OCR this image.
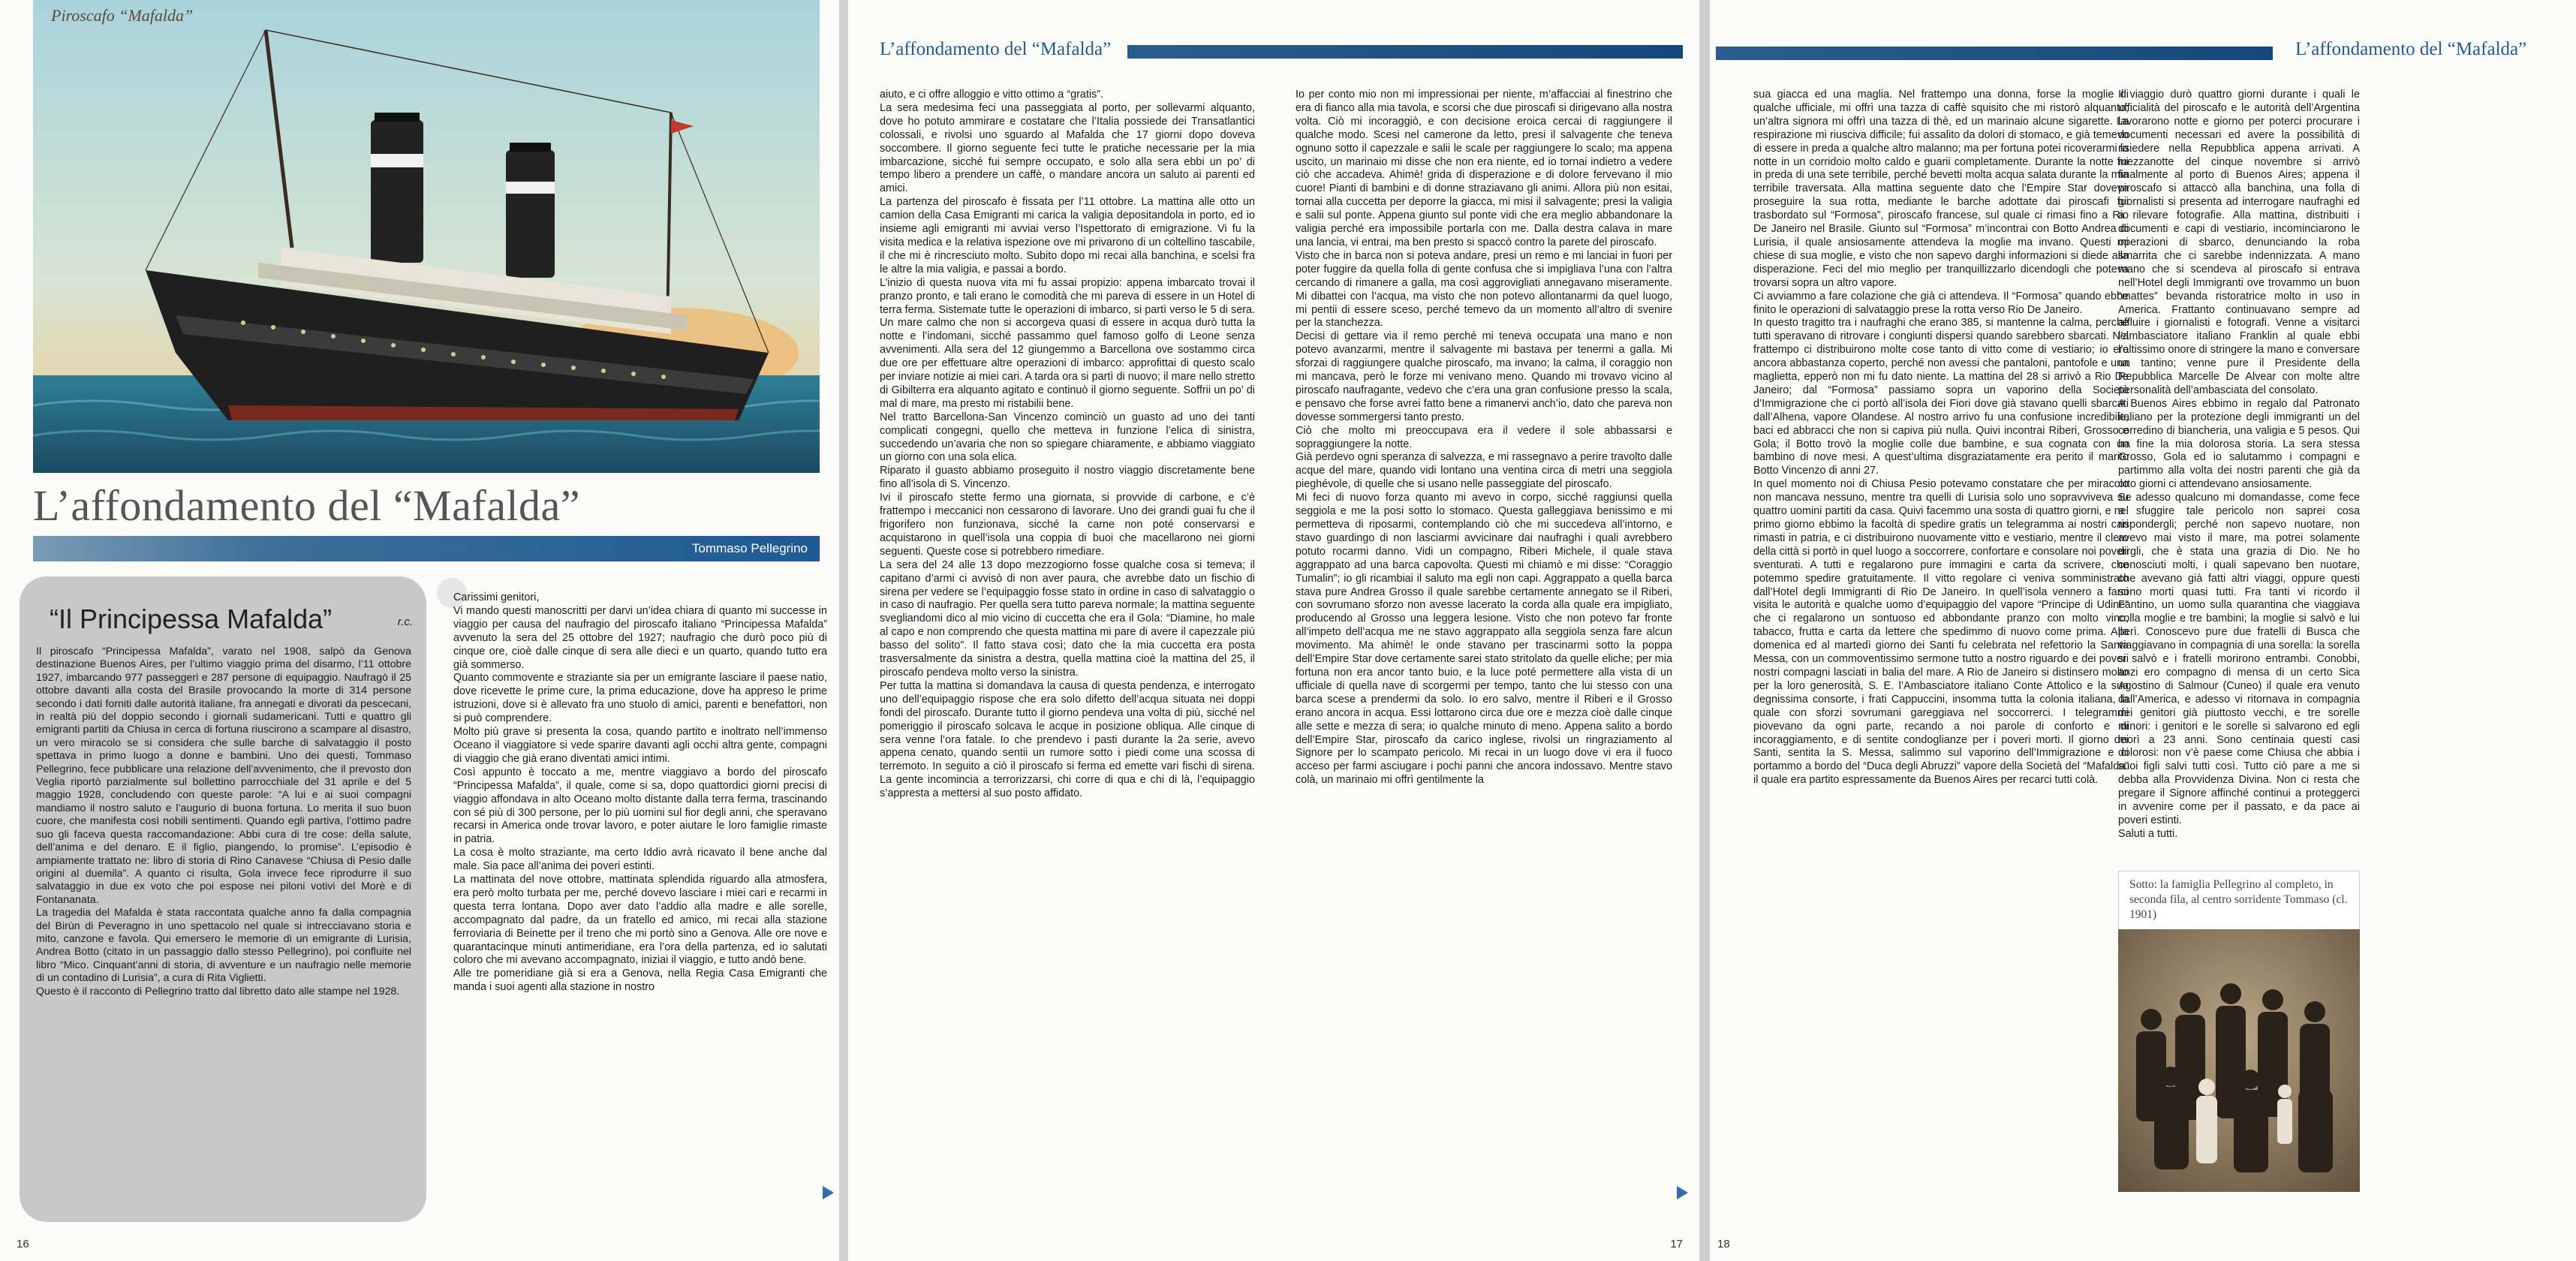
Piroscafo “Mafalda”
L’affondamento del “Mafalda”
Tommaso Pellegrino
“Il Principessa Mafalda”	r.c.

Il piroscafo “Principessa Mafalda”, varato nel 1908, salpò da Genova destinazione Buenos Aires, per l’ultimo viaggio prima del disarmo, l’11 ottobre 1927, imbarcando 977 passeggeri e 287 persone di equipaggio. Naufragò il 25 ottobre davanti alla costa del Brasile provocando la morte di 314 persone secondo i dati forniti dalle autorità italiane, fra annegati e divorati da pescecani, in realtà più del doppio secondo i giornali sudamericani. Tutti e quattro gli emigranti partiti da Chiusa in cerca di fortuna riuscirono a scampare al disastro, un vero miracolo se si considera che sulle barche di salvataggio il posto spettava in primo luogo a donne e bambini. Uno dei questi, Tommaso Pellegrino, fece pubblicare una relazione dell’avvenimento, che il prevosto don Veglia riportò parzialmente sul bollettino parrocchiale del 31 aprile e del 5 maggio 1928, concludendo con queste parole: “A lui e ai suoi compagni mandiamo il nostro saluto e l’augurio di buona fortuna. Lo merita il suo buon cuore, che manifesta così nobili sentimenti. Quando egli partiva, l’ottimo padre suo gli faceva questa raccomandazione: Abbi cura di tre cose: della salute, dell’anima e del denaro. E il figlio, piangendo, lo promise”. L’episodio è ampiamente trattato ne: libro di storia di Rino Canavese “Chiusa di Pesio dalle origini al duemila”. A quanto ci risulta, Gola invece fece riprodurre il suo salvataggio in due ex voto che poi espose nei piloni votivi del Morè e di Fontananata.

La tragedia del Mafalda è stata raccontata qualche anno fa dalla compagnia del Birùn di Peveragno in uno spettacolo nel quale si intrecciavano storia e mito, canzone e favola. Qui emersero le memorie di un emigrante di Lurisia, Andrea Botto (citato in un passaggio dallo stesso Pellegrino), poi confluite nel libro “Mico. Cinquant’anni di storia, di avventure e un naufragio nelle memorie di un contadino di Lurisia”, a cura di Rita Viglietti.

Questo è il racconto di Pellegrino tratto dal libretto dato alle stampe nel 1928.

Carissimi genitori,

Vi mando questi manoscritti per darvi un’idea chiara di quanto mi successe in viaggio per causa del naufragio del piroscafo italiano “Principessa Mafalda” avvenuto la sera del 25 ottobre del 1927; naufragio che durò poco più di cinque ore, cioè dalle cinque di sera alle dieci e un quarto, quando tutto era già sommerso.

Quanto commovente e straziante sia per un emigrante lasciare il paese natio, dove ricevette le prime cure, la prima educazione, dove ha appreso le prime istruzioni, dove si è allevato fra uno stuolo di amici, parenti e benefattori, non si può comprendere.

Molto più grave si presenta la cosa, quando partito e inoltrato nell’immenso Oceano il viaggiatore si vede sparire davanti agli occhi altra gente, compagni di viaggio che già erano diventati amici intimi.

Così appunto è toccato a me, mentre viaggiavo a bordo del piroscafo “Principessa Mafalda”, il quale, come si sa, dopo quattordici giorni precisi di viaggio affondava in alto Oceano molto distante dalla terra ferma, trascinando con sé più di 300 persone, per lo più uomini sul fior degli anni, che speravano recarsi in America onde trovar lavoro, e poter aiutare le loro famiglie rimaste in patria.

La cosa è molto straziante, ma certo Iddio avrà ricavato il bene anche dal male. Sia pace all’anima dei poveri estinti.

La mattinata del nove ottobre, mattinata splendida riguardo alla atmosfera, era però molto turbata per me, perché dovevo lasciare i miei cari e recarmi in questa terra lontana. Dopo aver dato l’addio alla madre e alle sorelle, accompagnato dal padre, da un fratello ed amico, mi recai alla stazione ferroviaria di Beinette per il treno che mi portò sino a Genova. Alle ore nove e quarantacinque minuti antimeridiane, era l’ora della partenza, ed io salutati coloro che mi avevano accompagnato, iniziai il viaggio, e tutto andò bene.

Alle tre pomeridiane già si era a Genova, nella Regia Casa Emigranti che manda i suoi agenti alla stazione in nostro

16
L’affondamento del “Mafalda”

aiuto, e ci offre alloggio e vitto ottimo a “gratis”.

La sera medesima feci una passeggiata al porto, per sollevarmi alquanto, dove ho potuto ammirare e costatare che l’Italia possiede dei Transatlantici colossali, e rivolsi uno sguardo al Mafalda che 17 giorni dopo doveva soccombere. Il giorno seguente feci tutte le pratiche necessarie per la mia imbarcazione, sicché fui sempre occupato, e solo alla sera ebbi un po’ di tempo libero a prendere un caffè, o mandare ancora un saluto ai parenti ed amici.

La partenza del piroscafo è fissata per l’11 ottobre. La mattina alle otto un camion della Casa Emigranti mi carica la valigia depositandola in porto, ed io insieme agli emigranti mi avviai verso l’Ispettorato di emigrazione. Vi fu la visita medica e la relativa ispezione ove mi privarono di un coltellino tascabile, il che mi è rincresciuto molto. Subito dopo mi recai alla banchina, e scelsi fra le altre la mia valigia, e passai a bordo.

L’inizio di questa nuova vita mi fu assai propizio: appena imbarcato trovai il pranzo pronto, e tali erano le comodità che mi pareva di essere in un Hotel di terra ferma. Sistemate tutte le operazioni di imbarco, si partì verso le 5 di sera. Un mare calmo che non si accorgeva quasi di essere in acqua durò tutta la notte e l’indomani, sicché passammo quel famoso golfo di Leone senza avvenimenti. Alla sera del 12 giungemmo a Barcellona ove sostammo circa due ore per effettuare altre operazioni di imbarco: approfittai di questo scalo per inviare notizie ai miei cari. A tarda ora si partì di nuovo; il mare nello stretto di Gibilterra era alquanto agitato e continuò il giorno seguente. Soffrii un po’ di mal di mare, ma presto mi ristabilii bene.

Nel tratto Barcellona-San Vincenzo cominciò un guasto ad uno dei tanti complicati congegni, quello che metteva in funzione l’elica di sinistra, succedendo un’avaria che non so spiegare chiaramente, e abbiamo viaggiato un giorno con una sola elica.

Riparato il guasto abbiamo proseguito il nostro viaggio discretamente bene fino all’isola di S. Vincenzo.

Ivi il piroscafo stette fermo una giornata, si provvide di carbone, e c’è frattempo i meccanici non cessarono di lavorare. Uno dei grandi guai fu che il frigorifero non funzionava, sicché la carne non poté conservarsi e acquistarono in quell’isola una coppia di buoi che macellarono nei giorni seguenti. Queste cose si potrebbero rimediare.

La sera del 24 alle 13 dopo mezzogiorno fosse qualche cosa si temeva; il capitano d’armi ci avvisò di non aver paura, che avrebbe dato un fischio di sirena per vedere se l’equipaggio fosse stato in ordine in caso di salvataggio o in caso di naufragio. Per quella sera tutto pareva normale; la mattina seguente svegliandomi dico al mio vicino di cuccetta che era il Gola: “Diamine, ho male al capo e non comprendo che questa mattina mi pare di avere il capezzale più basso del solito”. Il fatto stava così; dato che la mia cuccetta era posta trasversalmente da sinistra a destra, quella mattina cioè la mattina del 25, il piroscafo pendeva molto verso la sinistra.

Per tutta la mattina si domandava la causa di questa pendenza, e interrogato uno dell’equipaggio rispose che era solo difetto dell’acqua situata nei doppi fondi del piroscafo. Durante tutto il giorno pendeva una volta di più, sicché nel pomeriggio il piroscafo solcava le acque in posizione obliqua. Alle cinque di sera venne l’ora fatale. Io che prendevo i pasti durante la 2a serie, avevo appena cenato, quando sentii un rumore sotto i piedi come una scossa di terremoto. In seguito a ciò il piroscafo si ferma ed emette vari fischi di sirena. La gente incomincia a terrorizzarsi, chi corre di qua e chi di là, l’equipaggio s’appresta a mettersi al suo posto affidato.

Io per conto mio non mi impressionai per niente, m’affacciai al finestrino che era di fianco alla mia tavola, e scorsi che due piroscafi si dirigevano alla nostra volta. Ciò mi incoraggiò, e con decisione eroica cercai di raggiungere il qualche modo. Scesi nel camerone da letto, presi il salvagente che teneva ognuno sotto il capezzale e salii le scale per raggiungere lo scalo; ma appena uscito, un marinaio mi disse che non era niente, ed io tornai indietro a vedere ciò che accadeva. Ahimè! grida di disperazione e di dolore fervevano il mio cuore! Pianti di bambini e di donne straziavano gli animi. Allora più non esitai, tornai alla cuccetta per deporre la giacca, mi misi il salvagente; presi la valigia e salii sul ponte. Appena giunto sul ponte vidi che era meglio abbandonare la valigia perché era impossibile portarla con me. Dalla destra calava in mare una lancia, vi entrai, ma ben presto si spaccò contro la parete del piroscafo.

Visto che in barca non si poteva andare, presi un remo e mi lanciai in fuori per poter fuggire da quella folla di gente confusa che si impigliava l’una con l’altra cercando di rimanere a galla, ma così aggrovigliati annegavano miseramente. Mi dibattei con l’acqua, ma visto che non potevo allontanarmi da quel luogo, mi pentii di essere sceso, perché temevo da un momento all’altro di svenire per la stanchezza.

Decisi di gettare via il remo perché mi teneva occupata una mano e non potevo avanzarmi, mentre il salvagente mi bastava per tenermi a galla. Mi sforzai di raggiungere qualche piroscafo, ma invano; la calma, il coraggio non mi mancava, però le forze mi venivano meno. Quando mi trovavo vicino al piroscafo naufragante, vedevo che c’era una gran confusione presso la scala, e pensavo che forse avrei fatto bene a rimanervi anch’io, dato che pareva non dovesse sommergersi tanto presto.

Ciò che molto mi preoccupava era il vedere il sole abbassarsi e sopraggiungere la notte.

Già perdevo ogni speranza di salvezza, e mi rassegnavo a perire travolto dalle acque del mare, quando vidi lontano una ventina circa di metri una seggiola pieghévole, di quelle che si usano nelle passeggiate del piroscafo.

Mi feci di nuovo forza quanto mi avevo in corpo, sicché raggiunsi quella seggiola e me la posi sotto lo stomaco. Questa galleggiava benissimo e mi permetteva di riposarmi, contemplando ciò che mi succedeva all’intorno, e stavo guardingo di non lasciarmi avvicinare dai naufraghi i quali avrebbero potuto rocarmi danno. Vidi un compagno, Riberi Michele, il quale stava aggrappato ad una barca capovolta. Questi mi chiamò e mi disse: “Coraggio Tumalin”; io gli ricambiai il saluto ma egli non capi. Aggrappato a quella barca stava pure Andrea Grosso il quale sarebbe certamente annegato se il Riberi, con sovrumano sforzo non avesse lacerato la corda alla quale era impigliato, producendo al Grosso una leggera lesione. Visto che non potevo far fronte all’impeto dell’acqua me ne stavo aggrappato alla seggiola senza fare alcun movimento. Ma ahimè! le onde stavano per trascinarmi sotto la poppa dell’Empire Star dove certamente sarei stato stritolato da quelle eliche; per mia fortuna non era ancor tanto buio, e la luce poté permettere alla vista di un ufficiale di quella nave di scorgermi per tempo, tanto che lui stesso con una barca scese a prendermi da solo. Io ero salvo, mentre il Riberi e il Grosso erano ancora in acqua. Essi lottarono circa due ore e mezza cioè dalle cinque alle sette e mezza di sera; io qualche minuto di meno. Appena salito a bordo dell’Empire Star, piroscafo da carico inglese, rivolsi un ringraziamento al Signore per lo scampato pericolo. Mi recai in un luogo dove vi era il fuoco acceso per farmi asciugare i pochi panni che ancora indossavo. Mentre stavo colà, un marinaio mi offrì gentilmente la

17
L’affondamento del “Mafalda”

sua giacca ed una maglia. Nel frattempo una donna, forse la moglie di qualche ufficiale, mi offrì una tazza di caffè squisito che mi ristorò alquanto; un’altra signora mi offrì una tazza di thè, ed un marinaio alcune sigarette. La respirazione mi riusciva difficile; fui assalito da dolori di stomaco, e già temevo di essere in preda a qualche altro malanno; ma per fortuna potei ricoverarmi la notte in un corridoio molto caldo e guarii completamente. Durante la notte fui in preda di una sete terribile, perché bevetti molta acqua salata durante la mia terribile traversata. Alla mattina seguente dato che l’Empire Star doveva proseguire la sua rotta, mediante le barche adottate dai piroscafi fui trasbordato sul “Formosa”, piroscafo francese, sul quale ci rimasi fino a Rio De Janeiro nel Brasile. Giunto sul “Formosa” m’incontrai con Botto Andrea di Lurisia, il quale ansiosamente attendeva la moglie ma invano. Questi mi chiese di sua moglie, e visto che non sapevo darghi informazioni si diede alla disperazione. Feci del mio meglio per tranquillizzarlo dicendogli che poteva trovarsi sopra un altro vapore.

Ci avviammo a fare colazione che già ci attendeva. Il “Formosa” quando ebbe finito le operazioni di salvataggio prese la rotta verso Rio De Janeiro.

In questo tragitto tra i naufraghi che erano 385, si mantenne la calma, perché tutti speravano di ritrovare i congiunti dispersi quando sarebbero sbarcati. Nel frattempo ci distribuirono molte cose tanto di vitto come di vestiario; io ero ancora abbastanza coperto, perché non avessi che pantaloni, pantofole e una maglietta, epperò non mi fu dato niente. La mattina del 28 si arrivò a Rio De Janeiro; dal “Formosa” passiamo sopra un vaporino della Società d’Immigrazione che ci portò all’isola dei Fiori dove già stavano quelli sbarcati dall’Alhena, vapore Olandese. Al nostro arrivo fu una confusione incredibile, baci ed abbracci che non si capiva più nulla. Quivi incontrai Riberi, Grosso e Gola; il Botto trovò la moglie colle due bambine, e sua cognata con un bambino di nove mesi. A quest’ultima disgraziatamente era perito il marito Botto Vincenzo di anni 27.

In quel momento noi di Chiusa Pesio potevamo constatare che per miracolo non mancava nessuno, mentre tra quelli di Lurisia solo uno sopravviveva su quattro uomini partiti da casa. Quivi facemmo una sosta di quattro giorni, e nel primo giorno ebbimo la facoltà di spedire gratis un telegramma ai nostri cari rimasti in patria, e ci distribuirono nuovamente vitto e vestiario, mentre il clero della città si portò in quel luogo a soccorrere, confortare e consolare noi poveri sventurati. A tutti e regalarono pure immagini e carta da scrivere, che potemmo spedire gratuitamente. Il vitto regolare ci veniva somministrato dall’Hotel degli Immigranti di Rio De Janeiro. In quell’isola vennero a farci visita le autorità e qualche uomo d’equipaggio del vapore “Principe di Udine” che ci regalarono un sontuoso ed abbondante pranzo con molto vino, tabacco, frutta e carta da lettere che spedimmo di nuovo come prima. Alla domenica ed al martedì giorno dei Santi fu celebrata nel refettorio la Santa Messa, con un commoventissimo sermone tutto a nostro riguardo e dei poveri nostri compagni lasciati in balia del mare. A Rio de Janeiro si distinsero molto per la loro generosità, S. E. l’Ambasciatore italiano Conte Attolico e la sua degnissima consorte, i frati Cappuccini, insomma tutta la colonia italiana, la quale con sforzi sovrumani gareggiava nel soccorrerci. I telegrammi piovevano da ogni parte, recando a noi parole di conforto e di incoraggiamento, e di sentite condoglianze per i poveri morti. Il giorno dei Santi, sentita la S. Messa, salimmo sul vaporino dell’Immigrazione e ci portammo a bordo del “Duca degli Abruzzi” vapore della Società del “Mafalda” il quale era partito espressamente da Buenos Aires per recarci tutti colà.

Il viaggio durò quattro giorni durante i quali le ufficialità del piroscafo e le autorità dell’Argentina lavorarono notte e giorno per poterci procurare i documenti necessari ed avere la possibilità di risiedere nella Repubblica appena arrivati. A mezzanotte del cinque novembre si arrivò finalmente al porto di Buenos Aires; appena il piroscafo si attaccò alla banchina, una folla di giornalisti si presenta ad interrogare naufraghi ed a rilevare fotografie. Alla mattina, distribuiti i documenti e capi di vestiario, incominciarono le operazioni di sbarco, denunciando la roba smarrita che ci sarebbe indennizzata. A mano mano che si scendeva al piroscafo si entrava nell’Hotel degli Immigranti ove trovammo un buon “mattes” bevanda ristoratrice molto in uso in America. Frattanto continuavano sempre ad affluire i giornalisti e fotografi. Venne a visitarci l’ambasciatore italiano Franklin al quale ebbi l’altissimo onore di stringere la mano e conversare un tantino; venne pure il Presidente della Repubblica Marcelle De Alvear con molte altre personalità dell’ambasciata del consolato.

A Buenos Aires ebbimo in regalo dal Patronato italiano per la protezione degli immigranti un del corredino di biancheria, una valigia e 5 pesos. Qui ha fine la mia dolorosa storia. La sera stessa Grosso, Gola ed io salutammo i compagni e partimmo alla volta dei nostri parenti che già da otto giorni ci attendevano ansiosamente.

Se adesso qualcuno mi domandasse, come fece a sfuggire tale pericolo non saprei cosa rispondergli; perché non sapevo nuotare, non avevo mai visto il mare, ma potrei solamente dirgli, che è stata una grazia di Dio. Ne ho conosciuti molti, i quali sapevano ben nuotare, che avevano già fatti altri viaggi, oppure questi sono morti quasi tutti. Fra tanti vi ricordo il Fantino, un uomo sulla quarantina che viaggiava colla moglie e tre bambini; la moglie si salvò e lui perì. Conoscevo pure due fratelli di Busca che viaggiavano in compagnia di una sorella: la sorella si salvò e i fratelli morirono entrambi. Conobbi, anzi ero compagno di mensa di un certo Sica Agostino di Salmour (Cuneo) il quale era venuto dall’America, e adesso vi ritornava in compagnia dei genitori già piuttosto vecchi, e tre sorelle minori: i genitori e le sorelle si salvarono ed egli morì a 23 anni. Sono centinaia questi casi dolorosi: non v’è paese come Chiusa che abbia i suoi figli salvi tutti così. Tutto ciò pare a me si debba alla Provvidenza Divina. Non ci resta che pregare il Signore affinché continui a proteggerci in avvenire come per il passato, e da pace ai poveri estinti.

Saluti a tutti.

18
Sotto: la famiglia Pellegrino al completo, in seconda fila, al centro sorridente Tommaso (cl. 1901)
